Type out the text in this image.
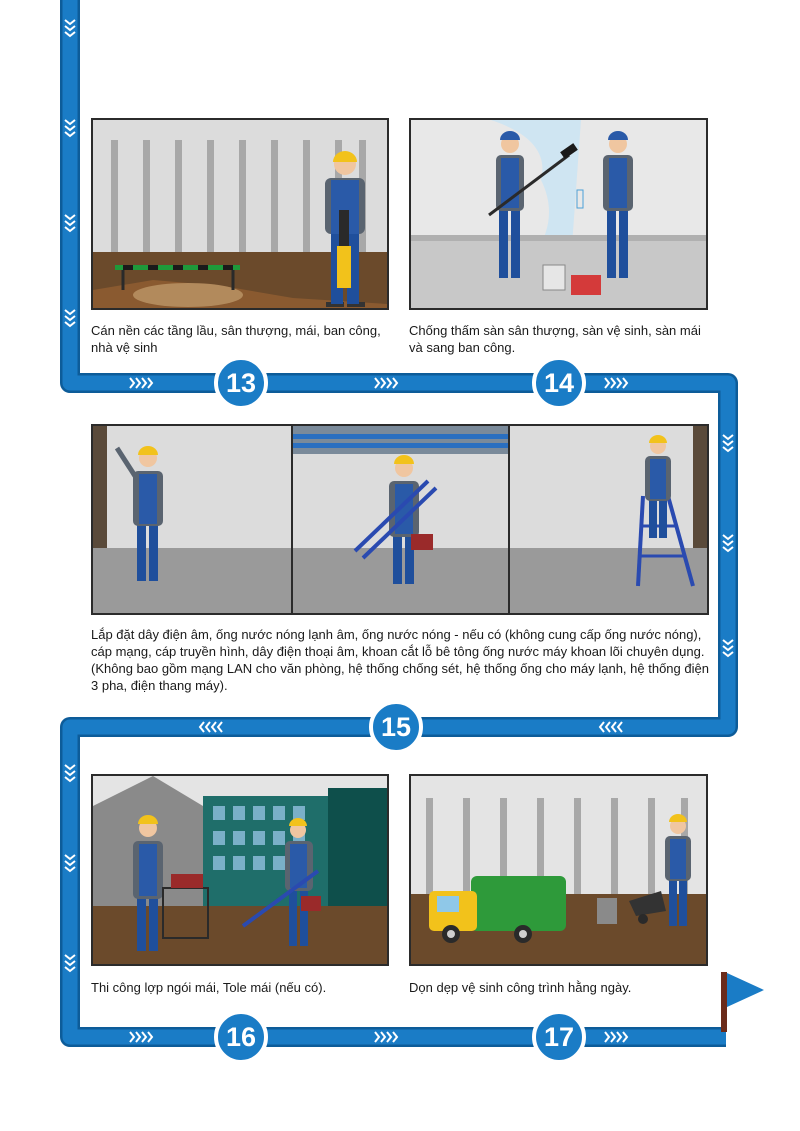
Cán nền các tầng lầu, sân thượng, mái, ban công, nhà vệ sinh
Chống thấm sàn sân thượng, sàn vệ sinh, sàn mái và sang ban công.
Lắp đặt dây điện âm, ống nước nóng lạnh âm, ống nước nóng - nếu có (không cung cấp ống nước nóng), cáp mạng, cáp truyền hình, dây điện thoại âm, khoan cắt lỗ bê tông ống nước máy khoan lõi chuyên dụng. (Không bao gồm mạng LAN cho văn phòng, hệ thống chống sét, hệ thống ống cho máy lạnh, hệ thống điện 3 pha, điện thang máy).
Thi công lợp ngói mái, Tole mái (nếu có).	Dọn dẹp vệ sinh công trình hằng ngày.
13	14
15
16	17
